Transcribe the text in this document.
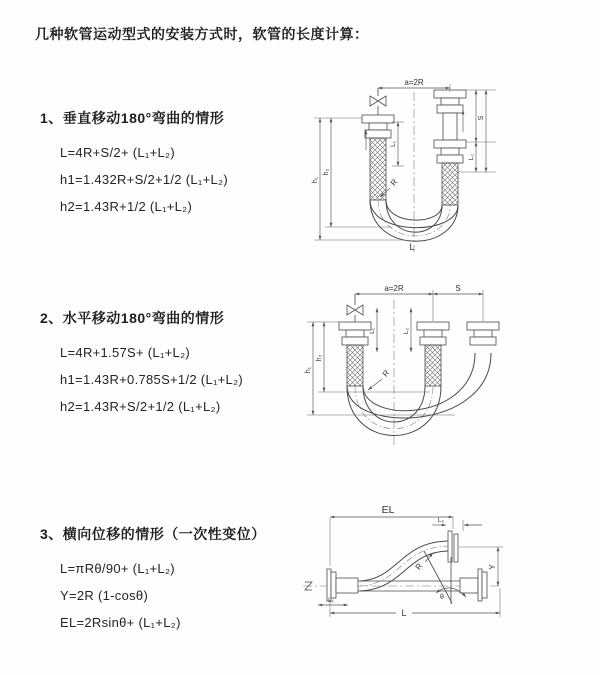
几种软管运动型式的安装方式时，软管的长度计算：
1、垂直移动180°弯曲的情形
L=4R+S/2+ (L₁+L₂)
h1=1.432R+S/2+1/2 (L₁+L₂)
h2=1.43R+1/2 (L₁+L₂)
2、水平移动180°弯曲的情形
L=4R+1.57S+ (L₁+L₂)
h1=1.43R+0.785S+1/2 (L₁+L₂)
h2=1.43R+S/2+1/2 (L₁+L₂)
3、横向位移的情形（一次性变位）
L=πRθ/90+ (L₁+L₂)
Y=2R (1-cosθ)
EL=2Rsinθ+ (L₁+L₂)
a=2R
h₁
h₂
L₁
S
L₂
R
L
a=2R	S
L₁	L₂
h₁
h₂
R
EL
L₂
Y
θ
R
L₁
L
